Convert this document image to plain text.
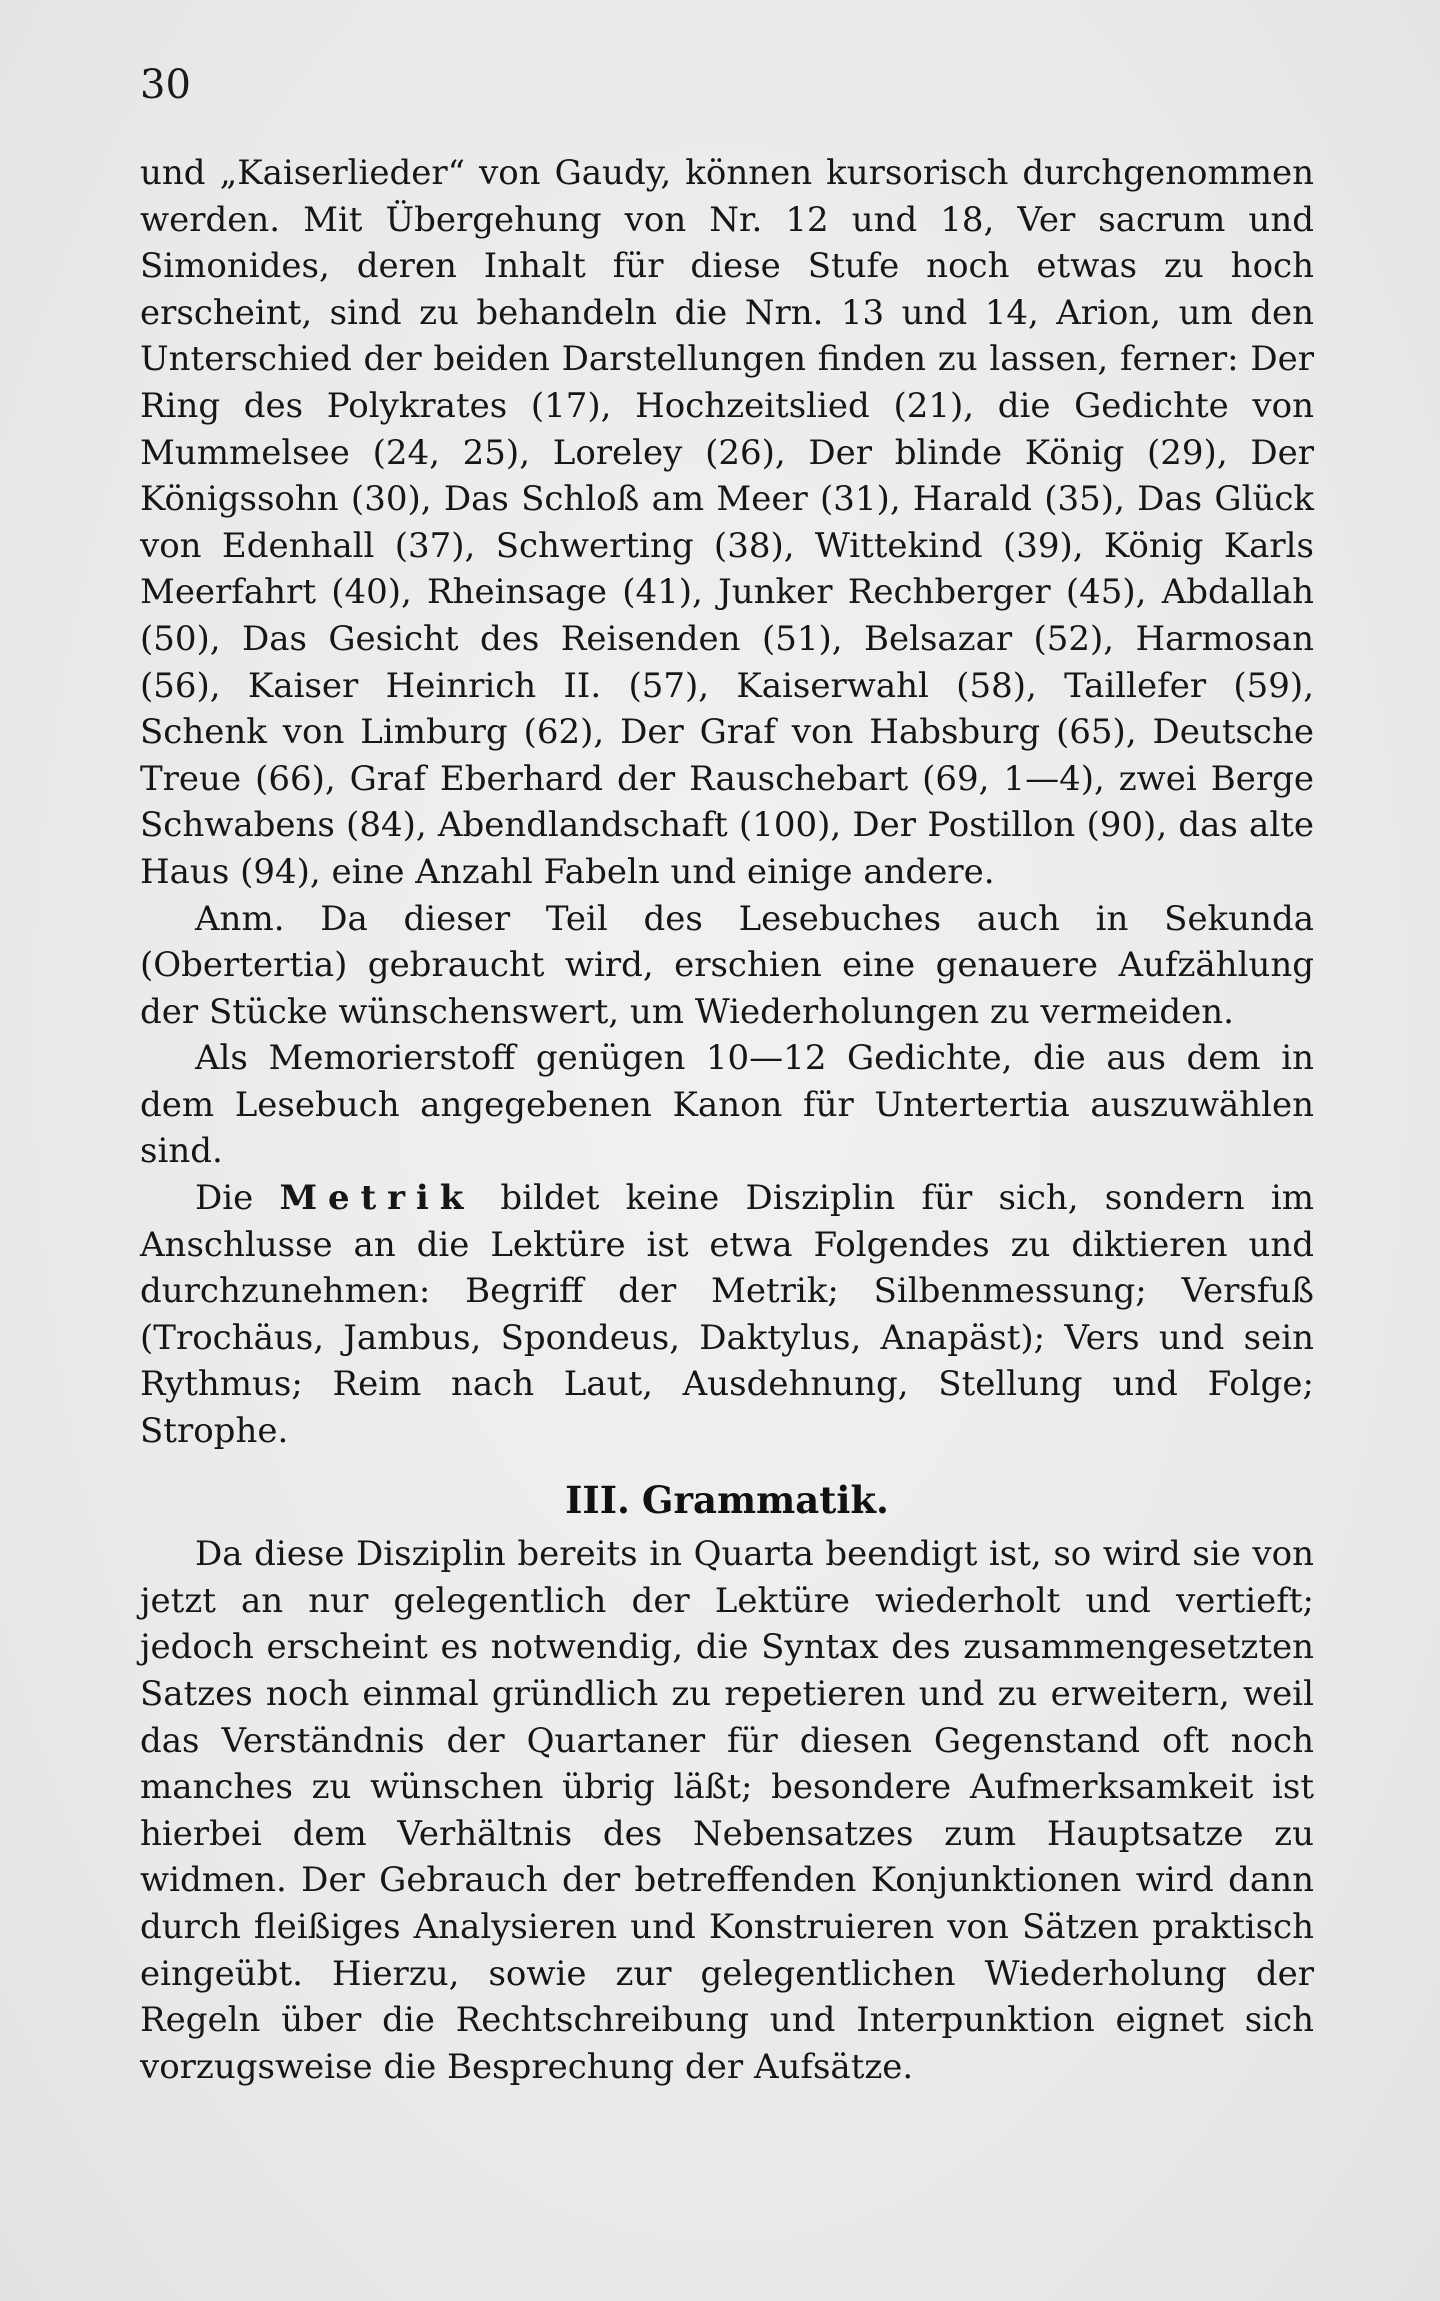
30

und „Kaiserlieder“ von Gaudy, können kursorisch durchgenommen werden. Mit Übergehung von Nr. 12 und 18, Ver sacrum und Simonides, deren Inhalt für diese Stufe noch etwas zu hoch erscheint, sind zu behandeln die Nrn. 13 und 14, Arion, um den Unterschied der beiden Darstellungen finden zu lassen, ferner: Der Ring des Polykrates (17), Hochzeitslied (21), die Gedichte von Mummelsee (24, 25), Loreley (26), Der blinde König (29), Der Königssohn (30), Das Schloß am Meer (31), Harald (35), Das Glück von Edenhall (37), Schwerting (38), Wittekind (39), König Karls Meerfahrt (40), Rheinsage (41), Junker Rechberger (45), Abdallah (50), Das Gesicht des Reisenden (51), Belsazar (52), Harmosan (56), Kaiser Heinrich II. (57), Kaiserwahl (58), Taillefer (59), Schenk von Limburg (62), Der Graf von Habsburg (65), Deutsche Treue (66), Graf Eberhard der Rauschebart (69, 1—4), zwei Berge Schwabens (84), Abendlandschaft (100), Der Postillon (90), das alte Haus (94), eine Anzahl Fabeln und einige andere.

Anm. Da dieser Teil des Lesebuches auch in Sekunda (Obertertia) gebraucht wird, erschien eine genauere Aufzählung der Stücke wünschenswert, um Wiederholungen zu vermeiden.

Als Memorierstoff genügen 10—12 Gedichte, die aus dem in dem Lesebuch angegebenen Kanon für Untertertia auszuwählen sind.

Die Metrik bildet keine Disziplin für sich, sondern im Anschlusse an die Lektüre ist etwa Folgendes zu diktieren und durchzunehmen: Begriff der Metrik; Silbenmessung; Versfuß (Trochäus, Jambus, Spondeus, Daktylus, Anapäst); Vers und sein Rythmus; Reim nach Laut, Ausdehnung, Stellung und Folge; Strophe.

III. Grammatik.

Da diese Disziplin bereits in Quarta beendigt ist, so wird sie von jetzt an nur gelegentlich der Lektüre wiederholt und vertieft; jedoch erscheint es notwendig, die Syntax des zusammengesetzten Satzes noch einmal gründlich zu repetieren und zu erweitern, weil das Verständnis der Quartaner für diesen Gegenstand oft noch manches zu wünschen übrig läßt; besondere Aufmerksamkeit ist hierbei dem Verhältnis des Nebensatzes zum Hauptsatze zu widmen. Der Gebrauch der betreffenden Konjunktionen wird dann durch fleißiges Analysieren und Konstruieren von Sätzen praktisch eingeübt. Hierzu, sowie zur gelegentlichen Wiederholung der Regeln über die Rechtschreibung und Interpunktion eignet sich vorzugsweise die Besprechung der Aufsätze.
